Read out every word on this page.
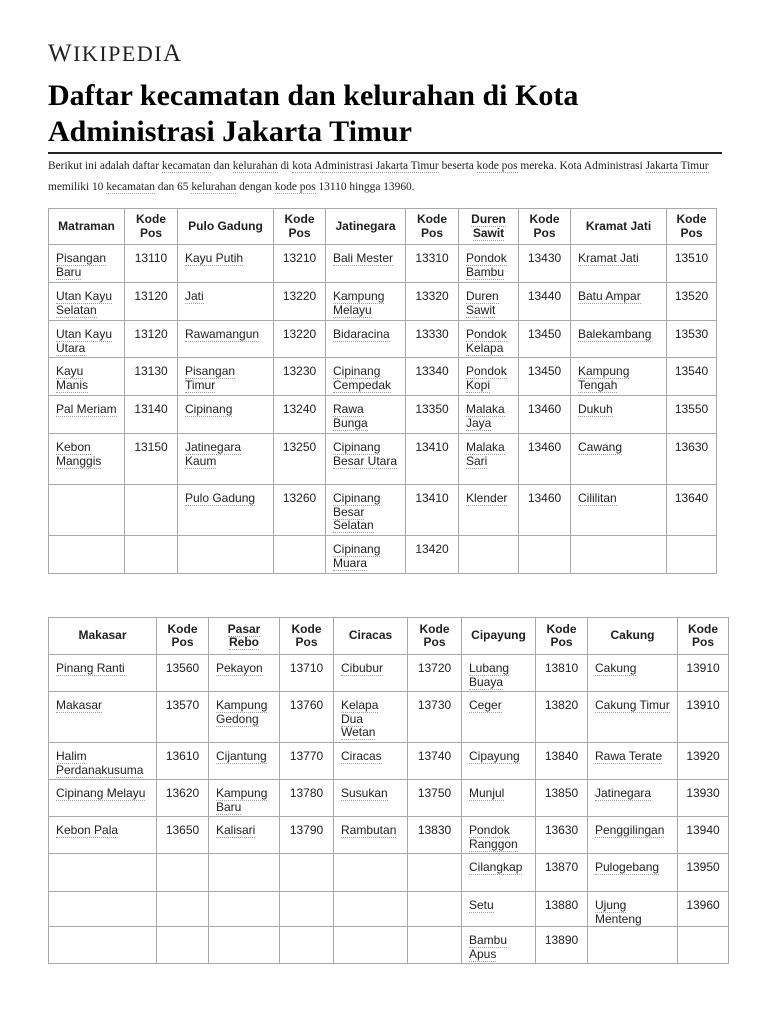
WIKIPEDIA
Daftar kecamatan dan kelurahan di Kota Administrasi Jakarta Timur

Berikut ini adalah daftar kecamatan dan kelurahan di kota Administrasi Jakarta Timur beserta kode pos mereka. Kota Administrasi Jakarta Timur memiliki 10 kecamatan dan 65 kelurahan dengan kode pos 13110 hingga 13960.

Matraman	Kode Pos	Pulo Gadung	Kode Pos	Jatinegara	Kode Pos	Duren Sawit	Kode Pos	Kramat Jati	Kode Pos
Pisangan Baru	13110	Kayu Putih	13210	Bali Mester	13310	Pondok Bambu	13430	Kramat Jati	13510
Utan Kayu Selatan	13120	Jati	13220	Kampung Melayu	13320	Duren Sawit	13440	Batu Ampar	13520
Utan Kayu Utara	13120	Rawamangun	13220	Bidaracina	13330	Pondok Kelapa	13450	Balekambang	13530
Kayu Manis	13130	Pisangan Timur	13230	Cipinang Cempedak	13340	Pondok Kopi	13450	Kampung Tengah	13540
Pal Meriam	13140	Cipinang	13240	Rawa Bunga	13350	Malaka Jaya	13460	Dukuh	13550
Kebon Manggis	13150	Jatinegara Kaum	13250	Cipinang Besar Utara	13410	Malaka Sari	13460	Cawang	13630
		Pulo Gadung	13260	Cipinang Besar Selatan	13410	Klender	13460	Cililitan	13640
				Cipinang Muara	13420				
Makasar	Kode Pos	Pasar Rebo	Kode Pos	Ciracas	Kode Pos	Cipayung	Kode Pos	Cakung	Kode Pos
Pinang Ranti	13560	Pekayon	13710	Cibubur	13720	Lubang Buaya	13810	Cakung	13910
Makasar	13570	Kampung Gedong	13760	Kelapa Dua Wetan	13730	Ceger	13820	Cakung Timur	13910
Halim Perdanakusuma	13610	Cijantung	13770	Ciracas	13740	Cipayung	13840	Rawa Terate	13920
Cipinang Melayu	13620	Kampung Baru	13780	Susukan	13750	Munjul	13850	Jatinegara	13930
Kebon Pala	13650	Kalisari	13790	Rambutan	13830	Pondok Ranggon	13630	Penggilingan	13940
						Cilangkap	13870	Pulogebang	13950
						Setu	13880	Ujung Menteng	13960
						Bambu Apus	13890		
